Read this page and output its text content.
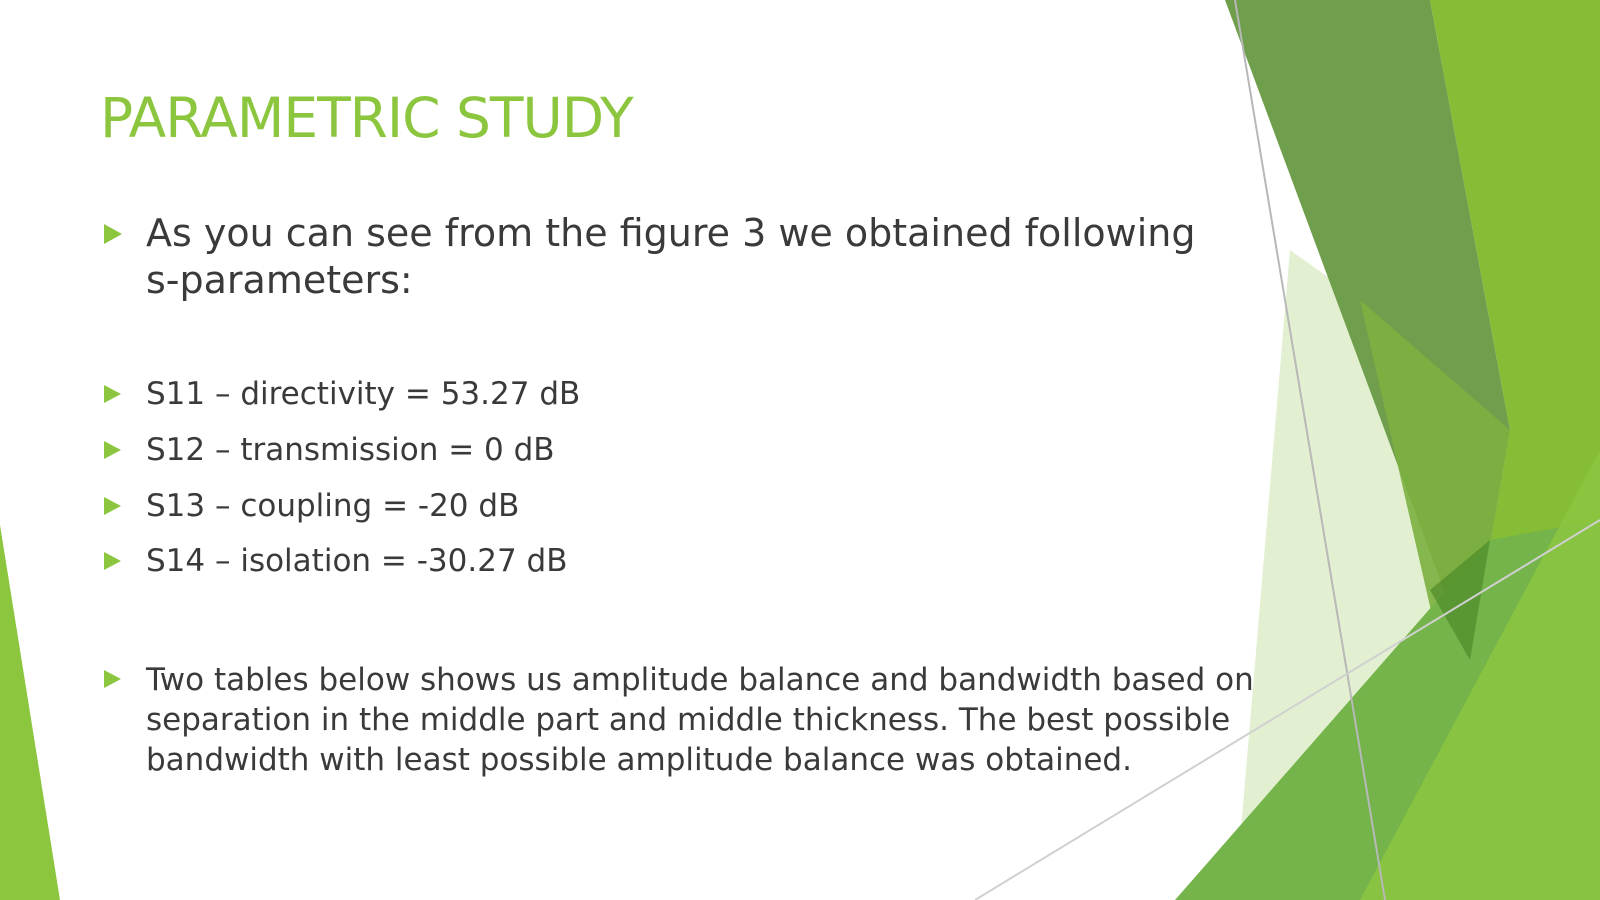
PARAMETRIC STUDY
As you can see from the figure 3 we obtained following
s-parameters:
S11 – directivity = 53.27 dB
S12 – transmission = 0 dB
S13 – coupling = -20 dB
S14 – isolation = -30.27 dB
Two tables below shows us amplitude balance and bandwidth based on
separation in the middle part and middle thickness. The best possible
bandwidth with least possible amplitude balance was obtained.
